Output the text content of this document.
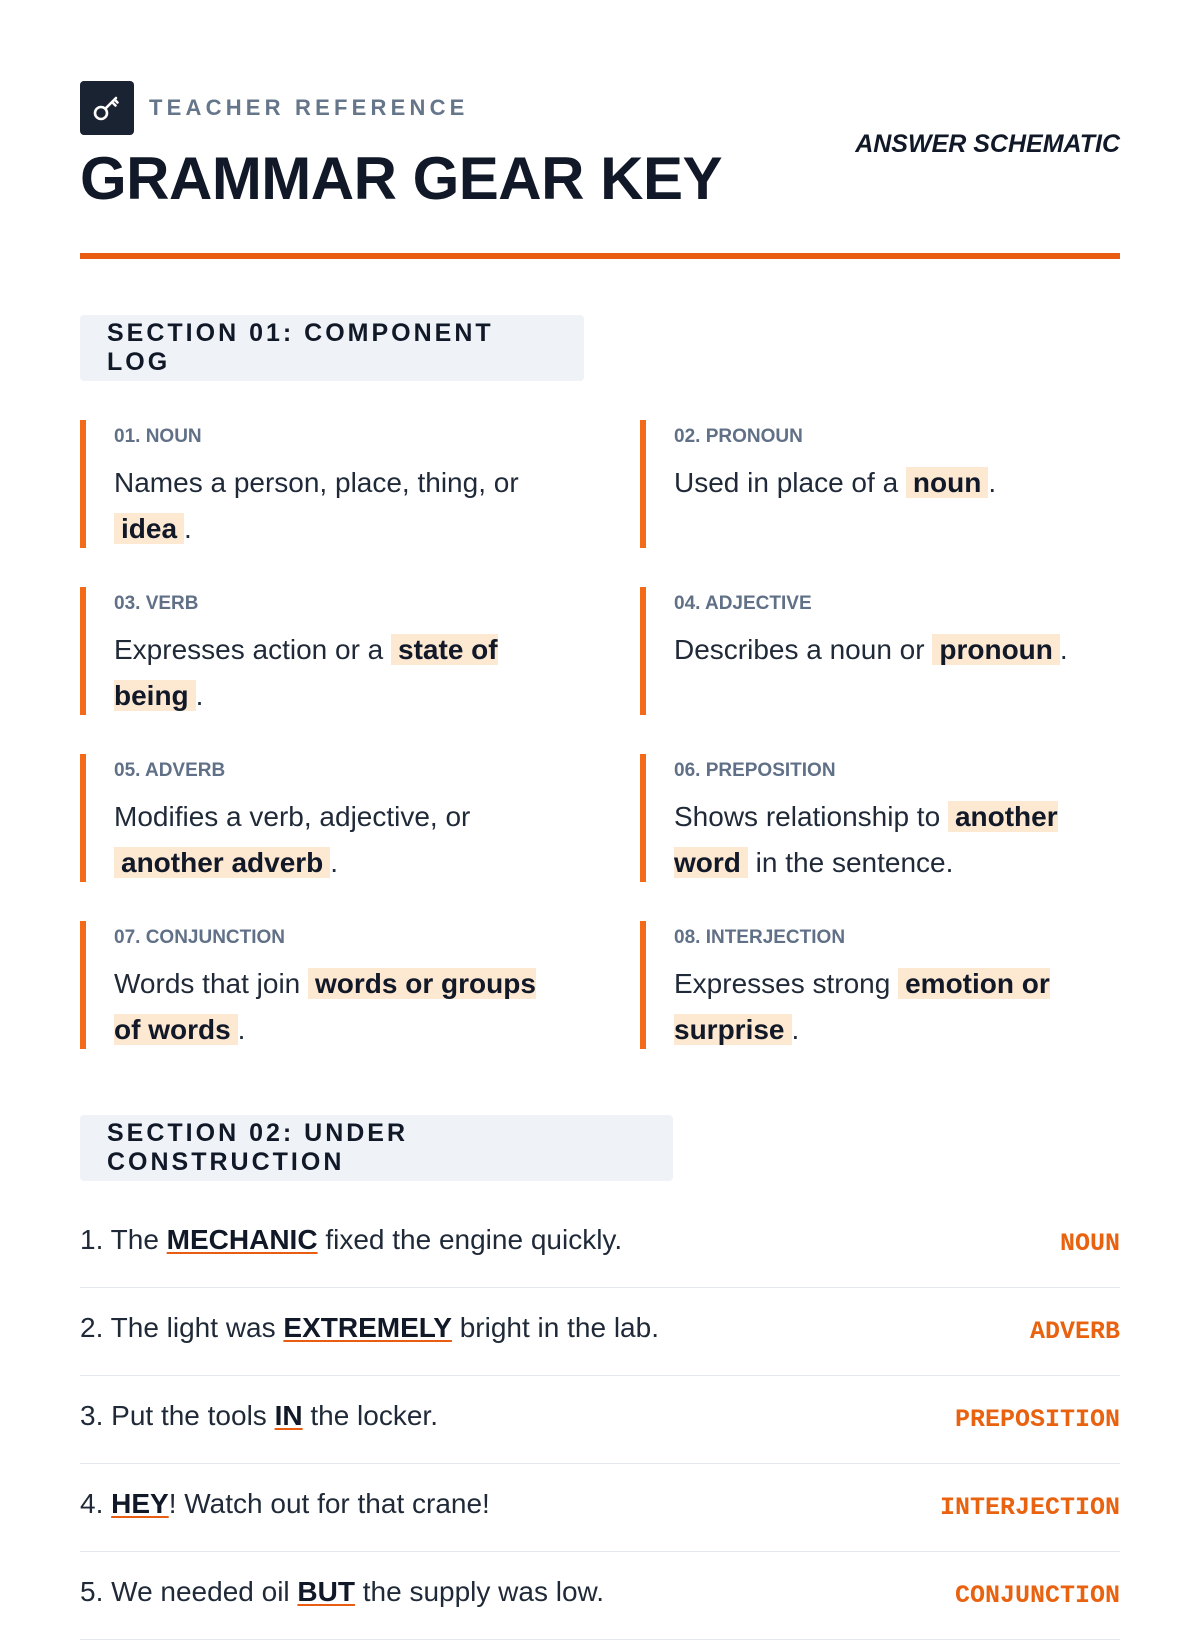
TEACHER REFERENCE
GRAMMAR GEAR KEY
ANSWER SCHEMATIC
SECTION 01: COMPONENT LOG
01. NOUN
Names a person, place, thing, or idea .
02. PRONOUN
Used in place of a noun .
03. VERB
Expresses action or a state of being .
04. ADJECTIVE
Describes a noun or pronoun .
05. ADVERB
Modifies a verb, adjective, or another adverb .
06. PREPOSITION
Shows relationship to another word in the sentence.
07. CONJUNCTION
Words that join words or groups of words .
08. INTERJECTION
Expresses strong emotion or surprise .
SECTION 02: UNDER CONSTRUCTION
1. The MECHANIC fixed the engine quickly.	NOUN
2. The light was EXTREMELY bright in the lab.	ADVERB
3. Put the tools IN the locker.	PREPOSITION
4. HEY! Watch out for that crane!	INTERJECTION
5. We needed oil BUT the supply was low.	CONJUNCTION
